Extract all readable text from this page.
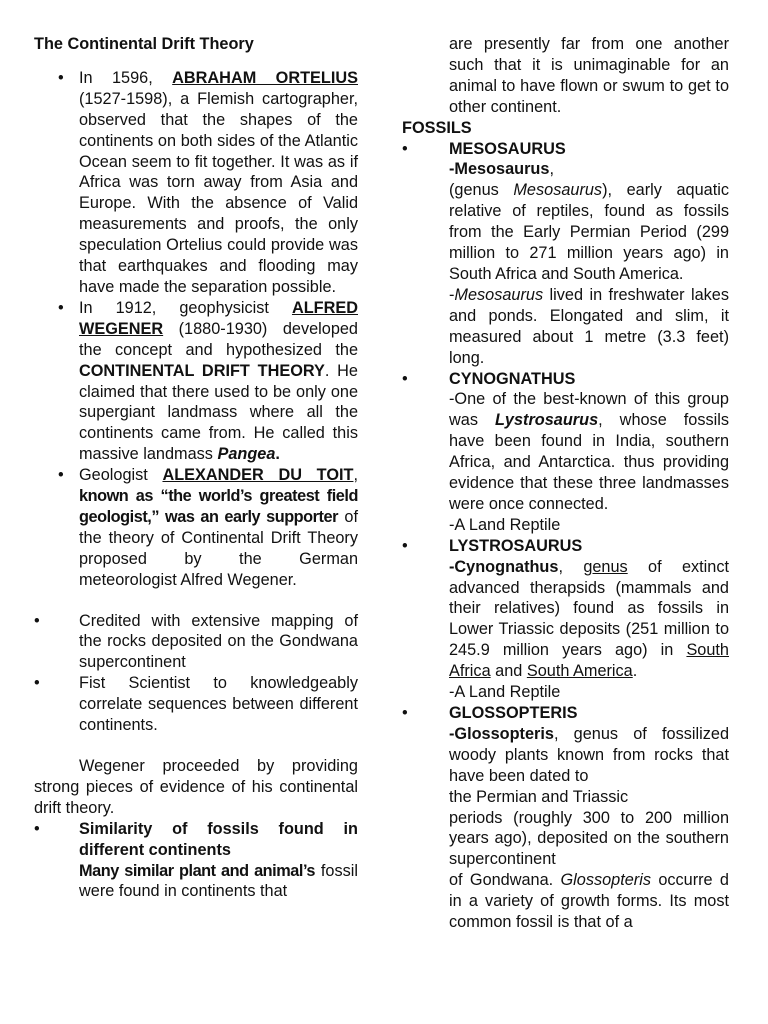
The Continental Drift Theory
• In 1596, ABRAHAM ORTELIUS (1527-1598), a Flemish cartographer, observed that the shapes of the continents on both sides of the Atlantic Ocean seem to fit together. It was as if Africa was torn away from Asia and Europe. With the absence of Valid measurements and proofs, the only speculation Ortelius could provide was that earthquakes and flooding may have made the separation possible.
• In 1912, geophysicist ALFRED WEGENER (1880-1930) developed the concept and hypothesized the CONTINENTAL DRIFT THEORY. He claimed that there used to be only one supergiant landmass where all the continents came from. He called this massive landmass Pangea.
• Geologist ALEXANDER DU TOIT, known as “the world’s greatest field geologist,” was an early supporter of the theory of Continental Drift Theory proposed by the German meteorologist Alfred Wegener.
• Credited with extensive mapping of the rocks deposited on the Gondwana supercontinent
• Fist Scientist to knowledgeably correlate sequences between different continents.
Wegener proceeded by providing strong pieces of evidence of his continental drift theory.
• Similarity of fossils found in different continents
Many similar plant and animal’s fossil were found in continents that
are presently far from one another such that it is unimaginable for an animal to have flown or swum to get to other continent.
FOSSILS
•	MESOSAURUS
-Mesosaurus,
(genus Mesosaurus), early aquatic relative of reptiles, found as fossils from the Early Permian Period (299 million to 271 million years ago) in South Africa and South America.
-Mesosaurus lived in freshwater lakes and ponds. Elongated and slim, it measured about 1 metre (3.3 feet) long.
•	CYNOGNATHUS
-One of the best-known of this group was Lystrosaurus, whose fossils have been found in India, southern Africa, and Antarctica. thus providing evidence that these three landmasses were once connected.
-A Land Reptile
•	LYSTROSAURUS
-Cynognathus, genus of extinct advanced therapsids (mammals and their relatives) found as fossils in Lower Triassic deposits (251 million to 245.9 million years ago) in South Africa and South America.
-A Land Reptile
•	GLOSSOPTERIS
-Glossopteris, genus of fossilized woody plants known from rocks that have been dated to
the Permian and Triassic
periods (roughly 300 to 200 million years ago), deposited on the southern supercontinent
of Gondwana. Glossopteris occurre d in a variety of growth forms. Its most common fossil is that of a
